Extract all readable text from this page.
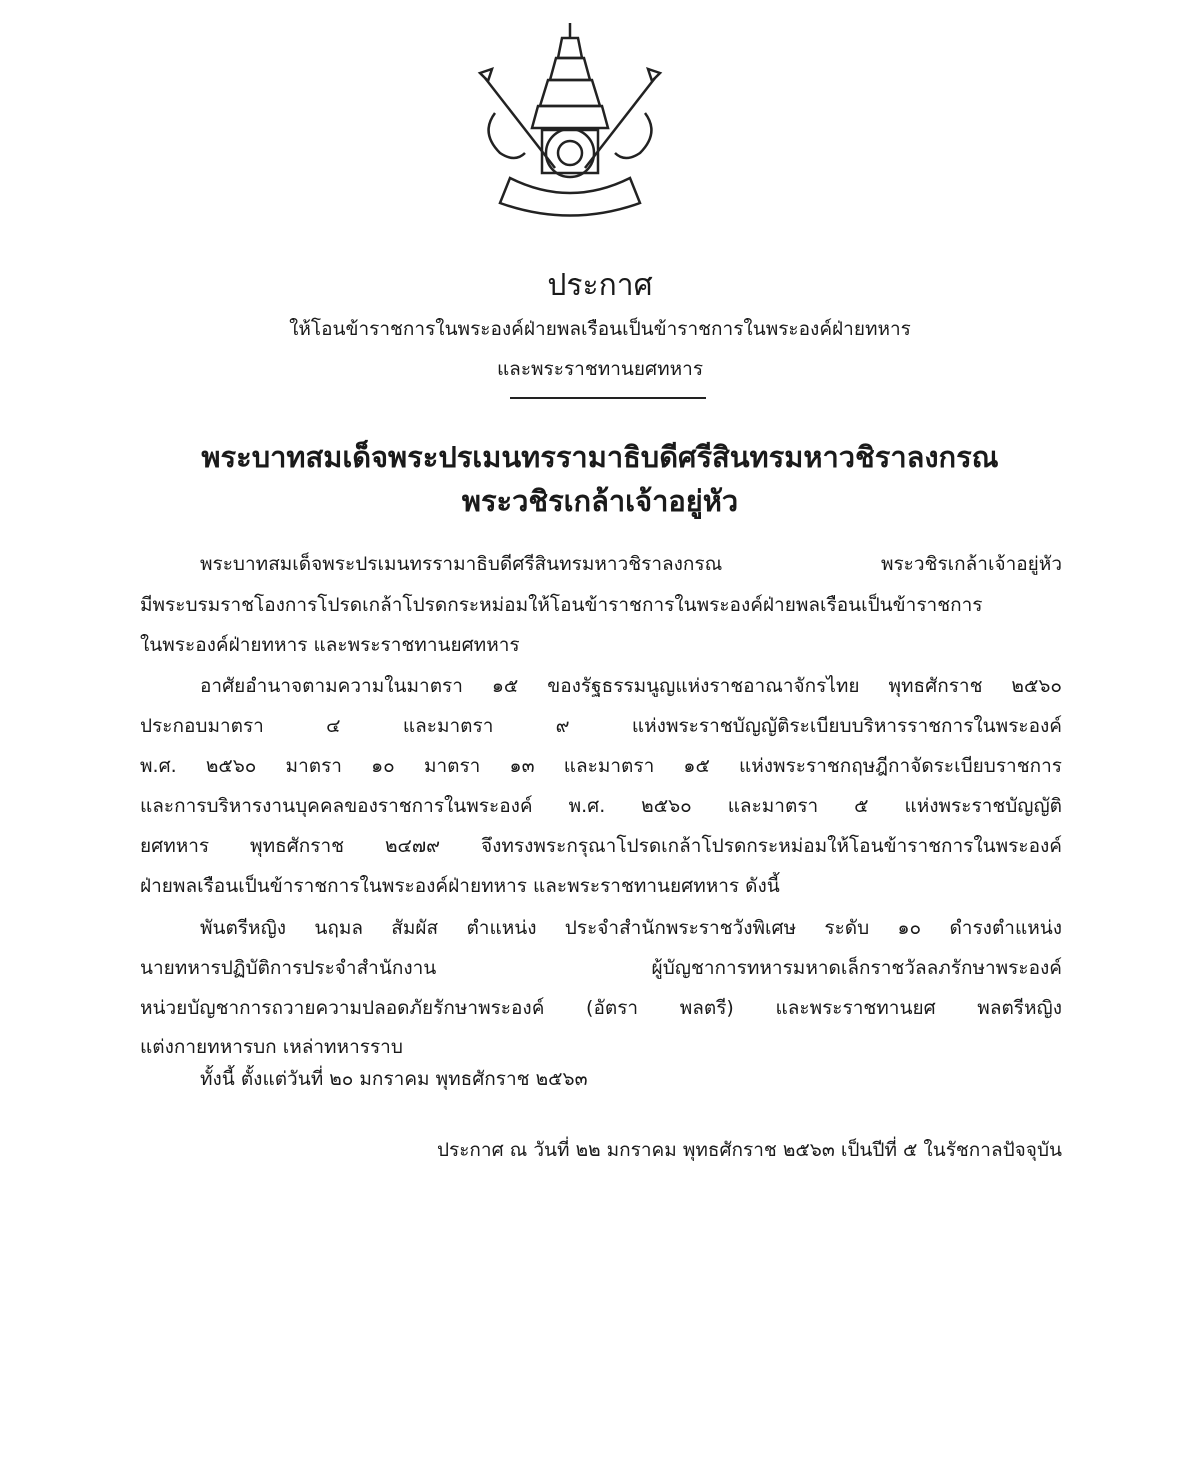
ประกาศ
ให้โอนข้าราชการในพระองค์ฝ่ายพลเรือนเป็นข้าราชการในพระองค์ฝ่ายทหาร
และพระราชทานยศทหาร
พระบาทสมเด็จพระปรเมนทรรามาธิบดีศรีสินทรมหาวชิราลงกรณ
พระวชิรเกล้าเจ้าอยู่หัว
พระบาทสมเด็จพระปรเมนทรรามาธิบดีศรีสินทรมหาวชิราลงกรณ พระวชิรเกล้าเจ้าอยู่หัว
มีพระบรมราชโองการโปรดเกล้าโปรดกระหม่อมให้โอนข้าราชการในพระองค์ฝ่ายพลเรือนเป็นข้าราชการ
ในพระองค์ฝ่ายทหาร และพระราชทานยศทหาร
อาศัยอำนาจตามความในมาตรา ๑๕ ของรัฐธรรมนูญแห่งราชอาณาจักรไทย พุทธศักราช ๒๕๖๐
ประกอบมาตรา ๔ และมาตรา ๙ แห่งพระราชบัญญัติระเบียบบริหารราชการในพระองค์
พ.ศ. ๒๕๖๐ มาตรา ๑๐ มาตรา ๑๓ และมาตรา ๑๕ แห่งพระราชกฤษฎีกาจัดระเบียบราชการ
และการบริหารงานบุคคลของราชการในพระองค์ พ.ศ. ๒๕๖๐ และมาตรา ๕ แห่งพระราชบัญญัติ
ยศทหาร พุทธศักราช ๒๔๗๙ จึงทรงพระกรุณาโปรดเกล้าโปรดกระหม่อมให้โอนข้าราชการในพระองค์
ฝ่ายพลเรือนเป็นข้าราชการในพระองค์ฝ่ายทหาร และพระราชทานยศทหาร ดังนี้
พันตรีหญิง นฤมล สัมผัส ตำแหน่ง ประจำสำนักพระราชวังพิเศษ ระดับ ๑๐ ดำรงตำแหน่ง
นายทหารปฏิบัติการประจำสำนักงาน ผู้บัญชาการทหารมหาดเล็กราชวัลลภรักษาพระองค์
หน่วยบัญชาการถวายความปลอดภัยรักษาพระองค์ (อัตรา พลตรี) และพระราชทานยศ พลตรีหญิง
แต่งกายทหารบก เหล่าทหารราบ
ทั้งนี้ ตั้งแต่วันที่ ๒๐ มกราคม พุทธศักราช ๒๕๖๓
ประกาศ ณ วันที่ ๒๒ มกราคม พุทธศักราช ๒๕๖๓ เป็นปีที่ ๕ ในรัชกาลปัจจุบัน
